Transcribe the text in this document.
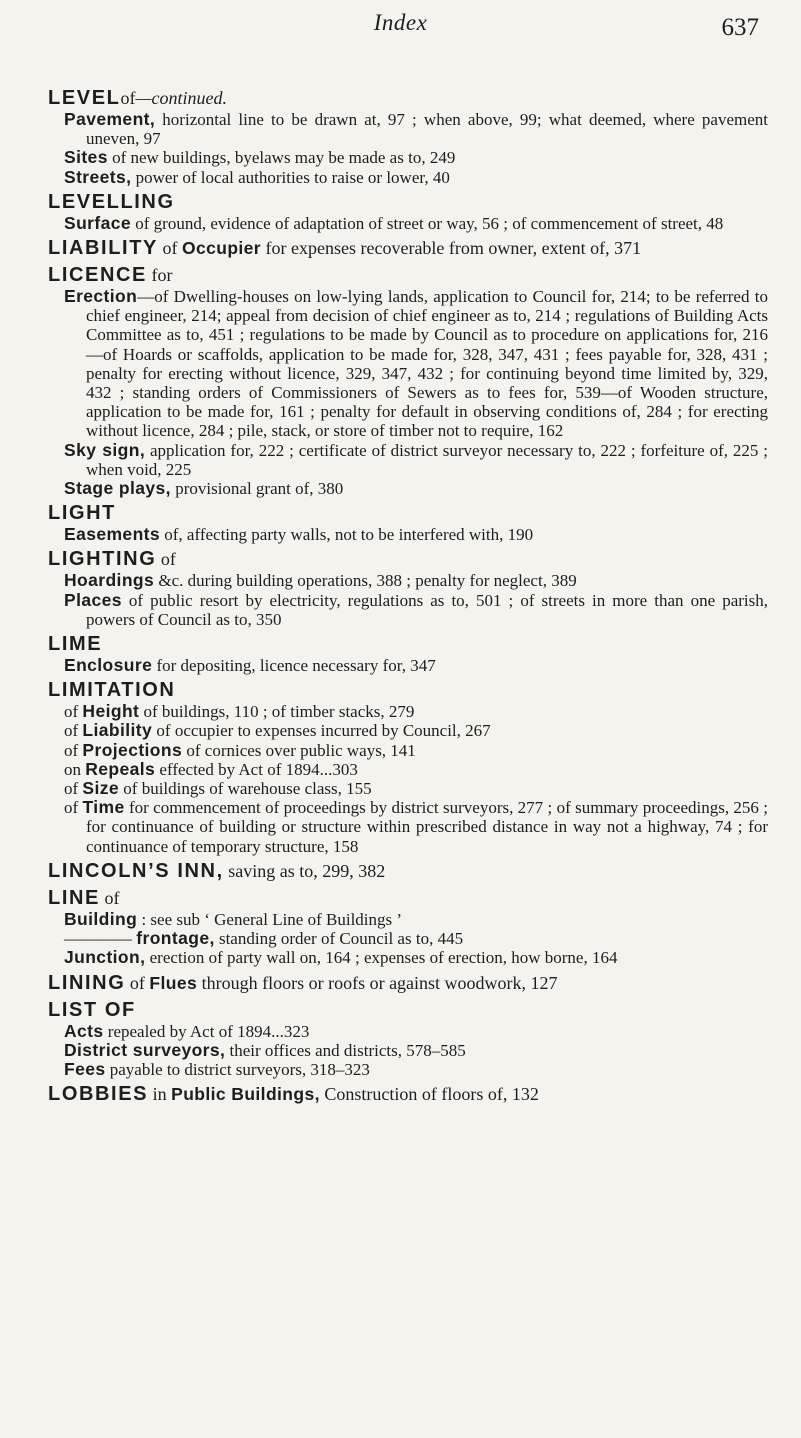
Index	637
LEVELof—continued.
Pavement, horizontal line to be drawn at, 97 ; when above, 99; what deemed, where pavement uneven, 97
Sites of new buildings, byelaws may be made as to, 249
Streets, power of local authorities to raise or lower, 40
LEVELLING
Surface of ground, evidence of adaptation of street or way, 56 ; of commencement of street, 48
LIABILITY of Occupier for expenses recoverable from owner, extent of, 371
LICENCE for
Erection—of Dwelling-houses on low-lying lands, application to Council for, 214; to be referred to chief engineer, 214; appeal from decision of chief engineer as to, 214 ; regulations of Building Acts Committee as to, 451 ; regulations to be made by Council as to procedure on applications for, 216—of Hoards or scaffolds, application to be made for, 328, 347, 431 ; fees payable for, 328, 431 ; penalty for erecting without licence, 329, 347, 432 ; for continuing beyond time limited by, 329, 432 ; standing orders of Commissioners of Sewers as to fees for, 539—of Wooden structure, application to be made for, 161 ; penalty for default in observing conditions of, 284 ; for erecting without licence, 284 ; pile, stack, or store of timber not to require, 162
Sky sign, application for, 222 ; certificate of district surveyor necessary to, 222 ; forfeiture of, 225 ; when void, 225
Stage plays, provisional grant of, 380
LIGHT
Easements of, affecting party walls, not to be interfered with, 190
LIGHTING of
Hoardings &c. during building operations, 388 ; penalty for neglect, 389
Places of public resort by electricity, regulations as to, 501 ; of streets in more than one parish, powers of Council as to, 350
LIME
Enclosure for depositing, licence necessary for, 347
LIMITATION
of Height of buildings, 110 ; of timber stacks, 279
of Liability of occupier to expenses incurred by Council, 267
of Projections of cornices over public ways, 141
on Repeals effected by Act of 1894...303
of Size of buildings of warehouse class, 155
of Time for commencement of proceedings by district surveyors, 277 ; of summary proceedings, 256 ; for continuance of building or structure within prescribed distance in way not a highway, 74 ; for continuance of temporary structure, 158
LINCOLN’S INN, saving as to, 299, 382
LINE of
Building : see sub ‘ General Line of Buildings ’
———— frontage, standing order of Council as to, 445
Junction, erection of party wall on, 164 ; expenses of erection, how borne, 164
LINING of Flues through floors or roofs or against woodwork, 127
LIST OF
Acts repealed by Act of 1894...323
District surveyors, their offices and districts, 578–585
Fees payable to district surveyors, 318–323
LOBBIES in Public Buildings, Construction of floors of, 132
